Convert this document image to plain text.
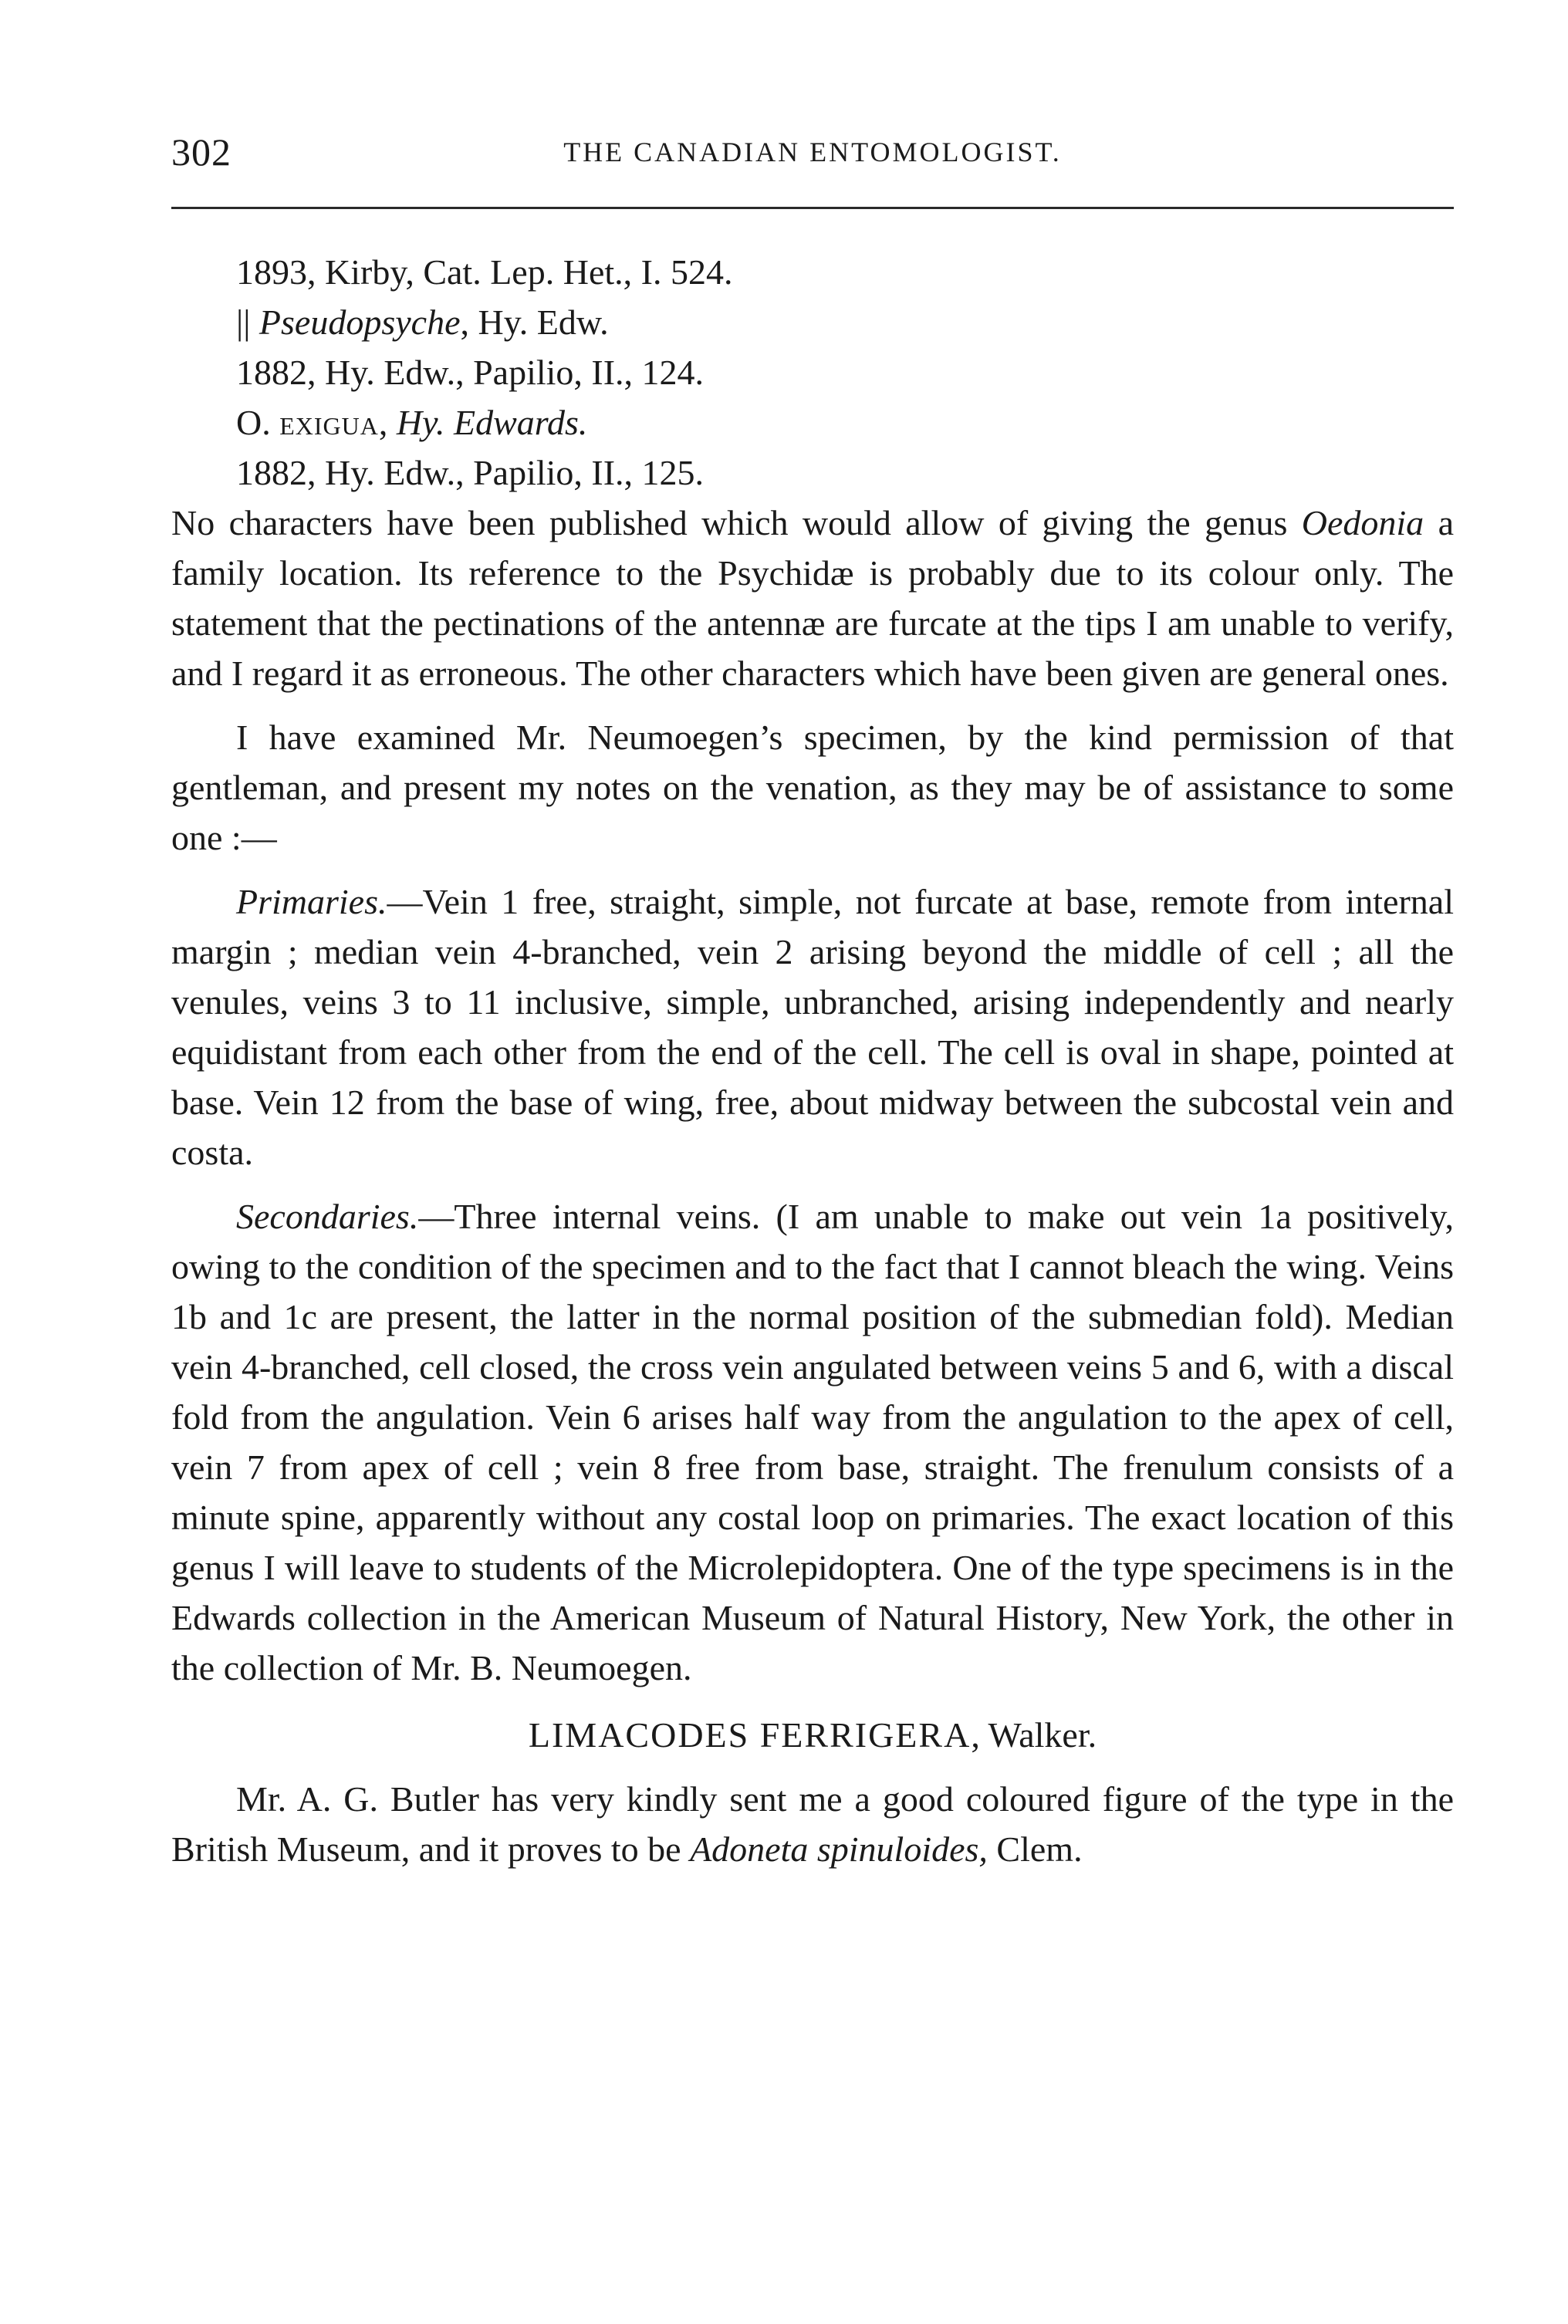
302	THE CANADIAN ENTOMOLOGIST.
1893, Kirby, Cat. Lep. Het., I. 524.
|| Pseudopsyche, Hy. Edw.
1882, Hy. Edw., Papilio, II., 124.
O. exigua, Hy. Edwards.
1882, Hy. Edw., Papilio, II., 125.

No characters have been published which would allow of giving the genus Oedonia a family location. Its reference to the Psychidæ is probably due to its colour only. The statement that the pectinations of the antennæ are furcate at the tips I am unable to verify, and I regard it as erroneous. The other characters which have been given are general ones.

I have examined Mr. Neumoegen’s specimen, by the kind permission of that gentleman, and present my notes on the venation, as they may be of assistance to some one :—

Primaries.—Vein 1 free, straight, simple, not furcate at base, remote from internal margin ; median vein 4-branched, vein 2 arising beyond the middle of cell ; all the venules, veins 3 to 11 inclusive, simple, unbranched, arising independently and nearly equidistant from each other from the end of the cell. The cell is oval in shape, pointed at base. Vein 12 from the base of wing, free, about midway between the subcostal vein and costa.

Secondaries.—Three internal veins. (I am unable to make out vein 1a positively, owing to the condition of the specimen and to the fact that I cannot bleach the wing. Veins 1b and 1c are present, the latter in the normal position of the submedian fold). Median vein 4-branched, cell closed, the cross vein angulated between veins 5 and 6, with a discal fold from the angulation. Vein 6 arises half way from the angulation to the apex of cell, vein 7 from apex of cell ; vein 8 free from base, straight. The frenulum consists of a minute spine, apparently without any costal loop on primaries. The exact location of this genus I will leave to students of the Microlepidoptera. One of the type specimens is in the Edwards collection in the American Museum of Natural History, New York, the other in the collection of Mr. B. Neumoegen.

LIMACODES FERRIGERA, Walker.

Mr. A. G. Butler has very kindly sent me a good coloured figure of the type in the British Museum, and it proves to be Adoneta spinuloides, Clem.
